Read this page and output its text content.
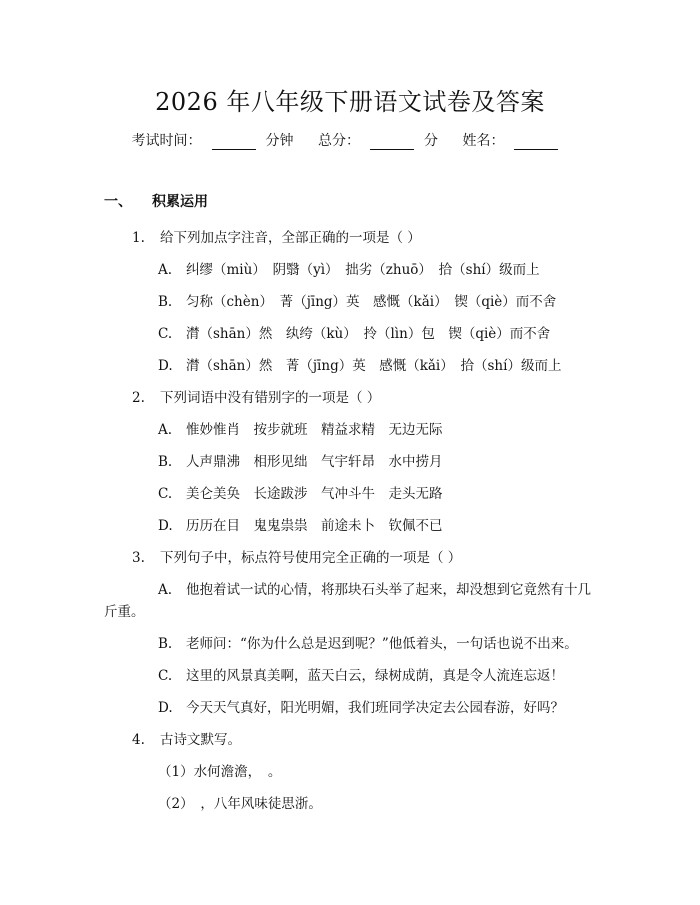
2026 年八年级下册语文试卷及答案
考试时间：	分钟 总分：	分 姓名：
一、 积累运用
1. 给下列加点字注音，全部正确的一项是（ ）
A. 纠缪（miù）　阴翳（yì）　拙劣（zhuō）　拾（shí）级而上
B. 匀称（chèn）　菁（jīng）英　感慨（kǎi）　锲（qiè）而不舍
C. 潸（shān）然　纨绔（kù）　拎（lìn）包　锲（qiè）而不舍
D. 潸（shān）然　菁（jīng）英　感慨（kǎi）　拾（shí）级而上
2. 下列词语中没有错别字的一项是（ ）
A. 惟妙惟肖　按步就班　精益求精　无边无际
B. 人声鼎沸　相形见绌　气宇轩昂　水中捞月
C. 美仑美奂　长途跋涉　气冲斗牛　走头无路
D. 历历在目　鬼鬼祟祟　前途未卜　钦佩不已
3. 下列句子中，标点符号使用完全正确的一项是（ ）
A. 他抱着试一试的心情，将那块石头举了起来，却没想到它竟然有十几
斤重。
B. 老师问：“你为什么总是迟到呢？”他低着头，一句话也说不出来。
C. 这里的风景真美啊，蓝天白云，绿树成荫，真是令人流连忘返！
D. 今天天气真好，阳光明媚，我们班同学决定去公园春游，好吗？
4. 古诗文默写。
（1）水何澹澹，　。
（2）　，八年风味徒思浙。
